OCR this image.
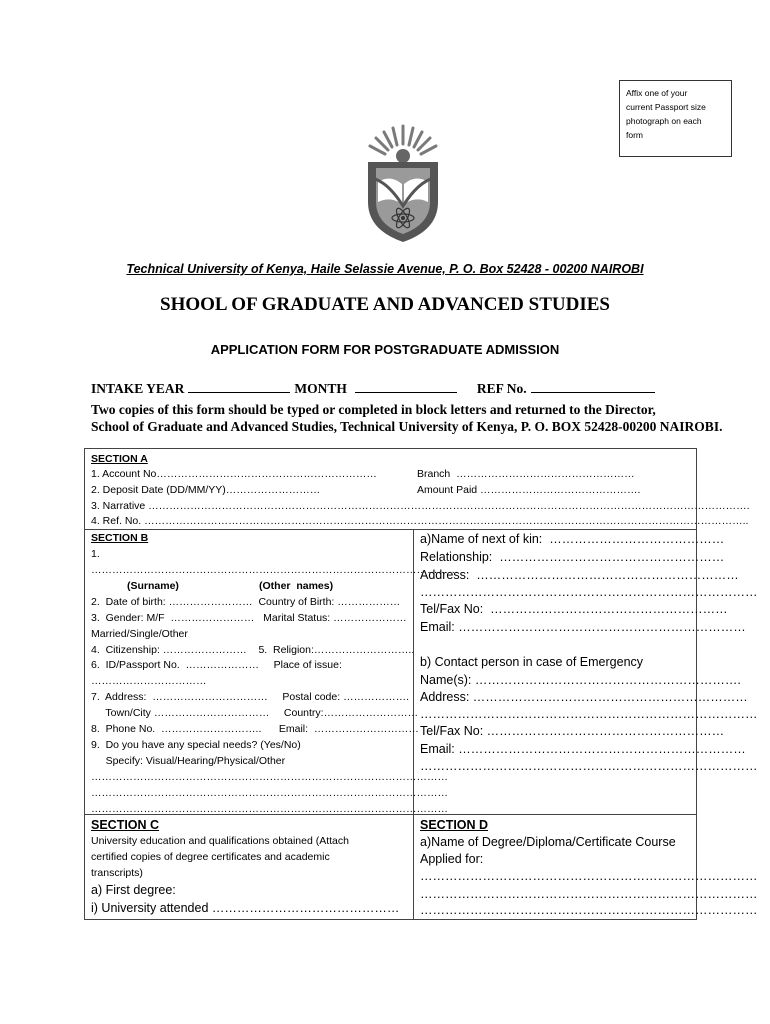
Affix one of your
current Passport size
photograph on each
form
Technical University of Kenya, Haile Selassie Avenue, P. O. Box 52428 - 00200 NAIROBI
SHOOL OF GRADUATE AND ADVANCED STUDIES
APPLICATION FORM FOR POSTGRADUATE ADMISSION
INTAKE YEAR	MONTH	REF No.
Two copies of this form should be typed or completed in block letters and returned to the Director,
School of Graduate and Advanced Studies, Technical University of Kenya, P. O. BOX 52428-00200 NAIROBI.
SECTION A
1. Account No………………………………………………………	Branch  ……………………………………………
2. Deposit Date (DD/MM/YY)………………………	Amount Paid ……………………………………….
3. Narrative ……………………………………………………………………………………………………………………………………………………….
4. Ref. No. ………………………………………………………………………………………………………………………………………………………..
SECTION B
1.
……………………………………………………………………………………………
(Surname)	(Other  names)
2.  Date of birth: ……………………  Country of Birth: ………………
3.  Gender: M/F  ……………………   Marital Status: …………………
Married/Single/Other
4.  Citizenship: ……………………    5.  Religion:………………………..
6.  ID/Passport No.  …………………     Place of issue:
……………………………
7.  Address:  ……………………………     Postal code: ……………….
Town/City ……………………………     Country:………………………
8.  Phone No.  ………………………..      Email:  …………………………
9.  Do you have any special needs? (Yes/No)
Specify: Visual/Hearing/Physical/Other
…………………………………………………………………………………………
…………………………………………………………………………………………
…………………………………………………………………………………………
a)Name of next of kin:  ……………………………………
Relationship:  ………………………………………………
Address:  ………………………………………………………
………………………………………………………………………
Tel/Fax No:  …………………………………………………
Email: ……………………………………………………………
b) Contact person in case of Emergency
Name(s): ……………………………………………………….
Address: …………………………………………………………
………………………………………………………………………
Tel/Fax No: …………………………………………………
Email: ……………………………………………………………
………………………………………………………………………
SECTION C
University education and qualifications obtained (Attach
certified copies of degree certificates and academic
transcripts)
a) First degree:
i) University attended ………………………………………
SECTION D
a)Name of Degree/Diploma/Certificate Course
Applied for:
………………………………………………………………………
………………………………………………………………………
………………………………………………………………………
